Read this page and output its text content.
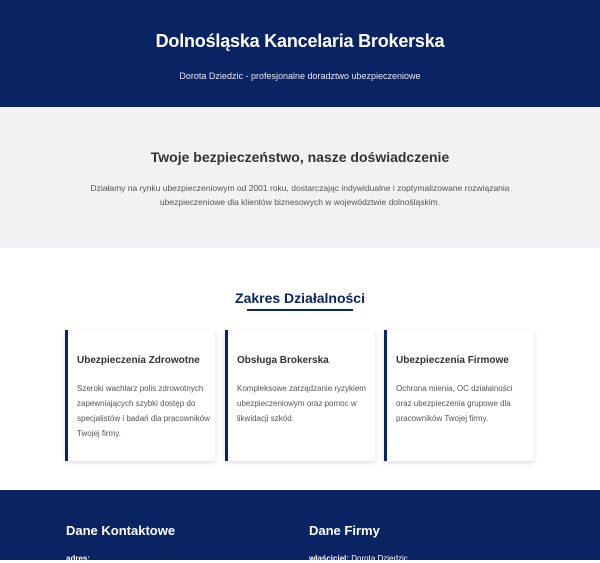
Dolnośląska Kancelaria Brokerska

Dorota Dziedzic - profesjonalne doradztwo ubezpieczeniowe

Twoje bezpieczeństwo, nasze doświadczenie

Działamy na rynku ubezpieczeniowym od 2001 roku, dostarczając indywidualne i zoptymalizowane rozwiązania ubezpieczeniowe dla klientów biznesowych w województwie dolnośląskim.

Zakres Działalności
Ubezpieczenia Zdrowotne

Szeroki wachlarz polis zdrowotnych zapewniających szybki dostęp do specjalistów i badań dla pracowników Twojej firmy.

Obsługa Brokerska

Kompleksowe zarządzanie ryzykiem ubezpieczeniowym oraz pomoc w likwidacji szkód.

Ubezpieczenia Firmowe

Ochrona mienia, OC działalności oraz ubezpieczenia grupowe dla pracowników Twojej firmy.

Dane Kontaktowe
adres:
Dane Firmy
właściciel: Dorota Dziedzic
